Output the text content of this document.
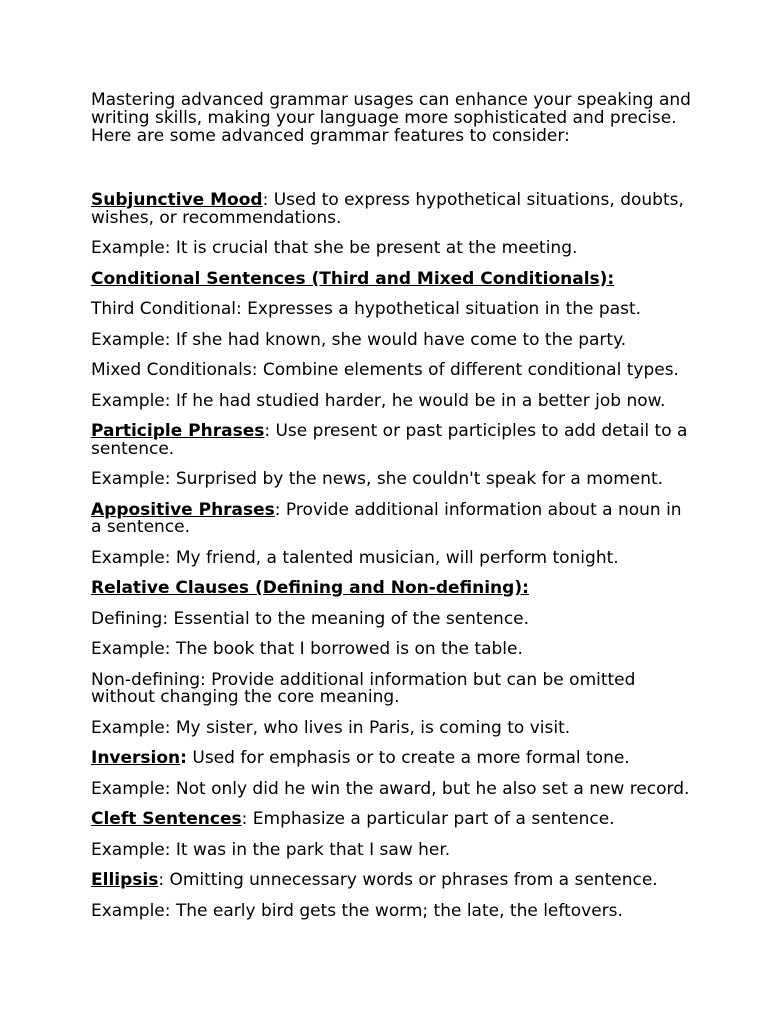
Mastering advanced grammar usages can enhance your speaking and writing skills, making your language more sophisticated and precise. Here are some advanced grammar features to consider:

Subjunctive Mood: Used to express hypothetical situations, doubts, wishes, or recommendations.

Example: It is crucial that she be present at the meeting.

Conditional Sentences (Third and Mixed Conditionals):

Third Conditional: Expresses a hypothetical situation in the past.

Example: If she had known, she would have come to the party.

Mixed Conditionals: Combine elements of different conditional types.

Example: If he had studied harder, he would be in a better job now.

Participle Phrases: Use present or past participles to add detail to a sentence.

Example: Surprised by the news, she couldn't speak for a moment.

Appositive Phrases: Provide additional information about a noun in a sentence.

Example: My friend, a talented musician, will perform tonight.

Relative Clauses (Defining and Non-defining):

Defining: Essential to the meaning of the sentence.

Example: The book that I borrowed is on the table.

Non-defining: Provide additional information but can be omitted without changing the core meaning.

Example: My sister, who lives in Paris, is coming to visit.

Inversion: Used for emphasis or to create a more formal tone.

Example: Not only did he win the award, but he also set a new record.

Cleft Sentences: Emphasize a particular part of a sentence.

Example: It was in the park that I saw her.

Ellipsis: Omitting unnecessary words or phrases from a sentence.

Example: The early bird gets the worm; the late, the leftovers.
